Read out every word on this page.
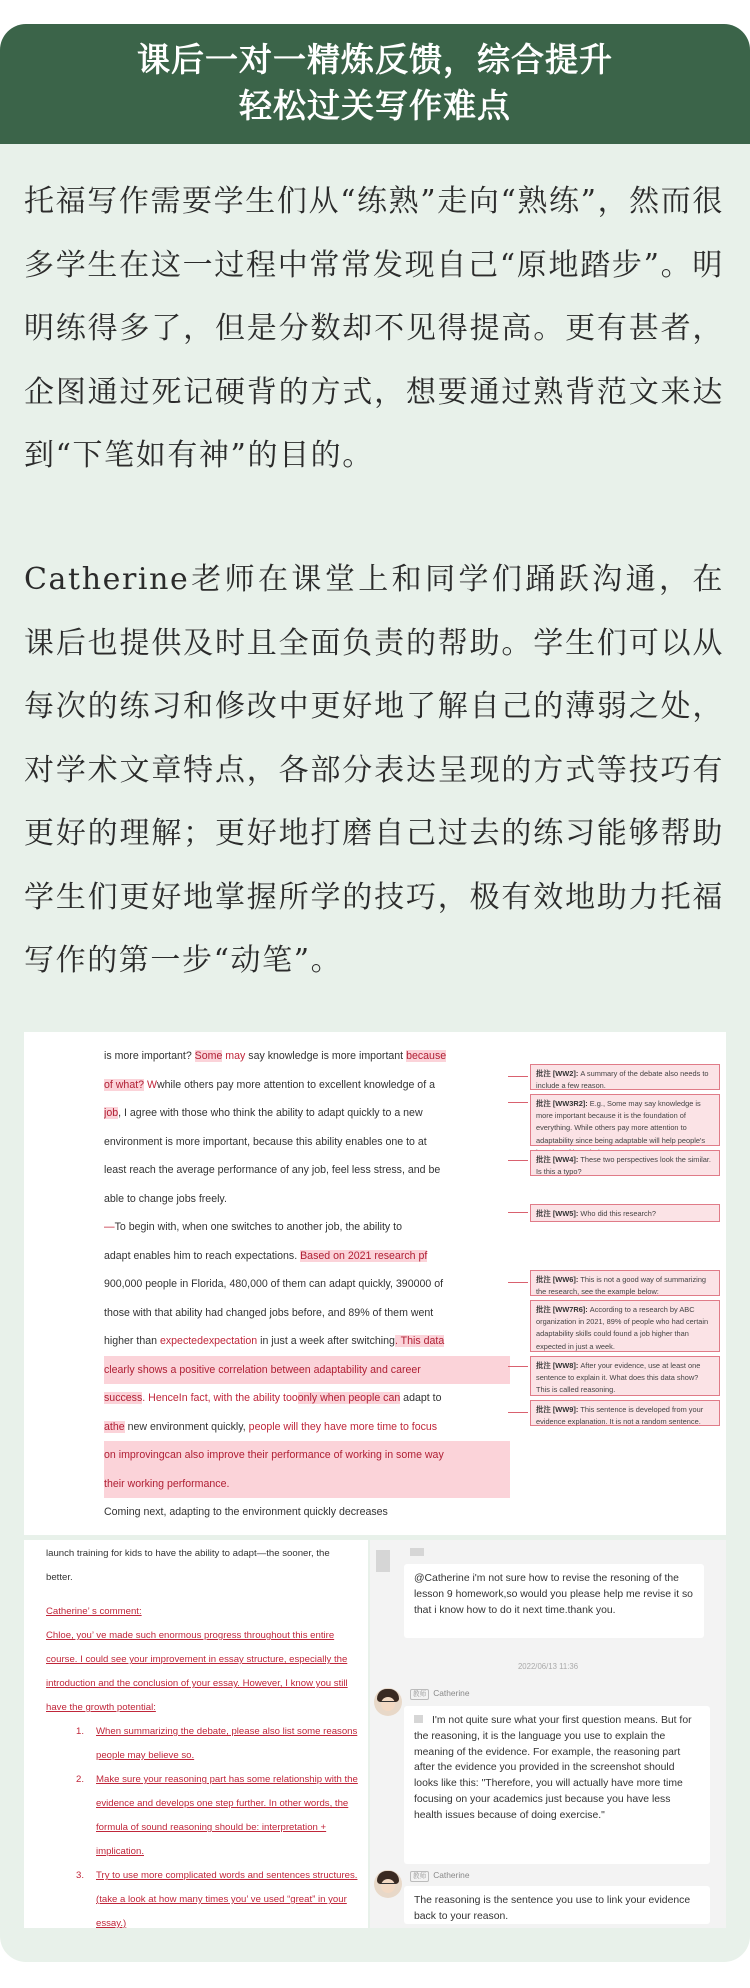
课后一对一精炼反馈，综合提升
轻松过关写作难点

托福写作需要学生们从“练熟”走向“熟练”，然而很多学生在这一过程中常常发现自己“原地踏步”。明明练得多了，但是分数却不见得提高。更有甚者，企图通过死记硬背的方式，想要通过熟背范文来达到“下笔如有神”的目的。

Catherine老师在课堂上和同学们踊跃沟通，在课后也提供及时且全面负责的帮助。学生们可以从每次的练习和修改中更好地了解自己的薄弱之处，对学术文章特点，各部分表达呈现的方式等技巧有更好的理解；更好地打磨自己过去的练习能够帮助学生们更好地掌握所学的技巧，极有效地助力托福写作的第一步“动笔”。

is more important? Some may say knowledge is more important because
of what? Wwhile others pay more attention to excellent knowledge of a
job, I agree with those who think the ability to adapt quickly to a new
environment is more important, because this ability enables one to at
least reach the average performance of any job, feel less stress, and be
able to change jobs freely.
—To begin with, when one switches to another job, the ability to
adapt enables him to reach expectations. Based on 2021 research pf
900,000 people in Florida, 480,000 of them can adapt quickly, 390000 of
those with that ability had changed jobs before, and 89% of them went
higher than expectedexpectation in just a week after switching. This data
clearly shows a positive correlation between adaptability and career
success. HenceIn fact, with the ability tooonly when people can adapt to
athe new environment quickly, people will they have more time to focus
on improvingcan also improve their performance of working in some way
their working performance.
Coming next, adapting to the environment quickly decreases
批注 [WW2]: A summary of the debate also needs to include a few reason.
批注 [WW3R2]: E.g., Some may say knowledge is more important because it is the foundation of everything. While others pay more attention to adaptability since being adaptable will help people's
批注 [WW4]: These two perspectives look the similar. Is this a typo?
批注 [WW5]: Who did this research?
批注 [WW6]: This is not a good way of summarizing the research, see the example below:
批注 [WW7R6]: According to a research by ABC organization in 2021, 89% of people who had certain adaptability skills could found a job higher than expected in just a week.
批注 [WW8]: After your evidence, use at least one sentence to explain it. What does this data show? This is called reasoning.
批注 [WW9]: This sentence is developed from your evidence explanation. It is not a random sentence.
launch training for kids to have the ability to adapt—the sooner, the better.
Catherine’ s comment:
Chloe, you’ ve made such enormous progress throughout this entire course. I could see your improvement in essay structure, especially the introduction and the conclusion of your essay. However, I know you still have the growth potential:
1. When summarizing the debate, please also list some reasons people may believe so.
2. Make sure your reasoning part has some relationship with the evidence and develops one step further. In other words, the formula of sound reasoning should be: interpretation + implication.
3. Try to use more complicated words and sentences structures. (take a look at how many times you’ ve used “great” in your essay.)
@Catherine i'm not sure how to revise the resoning of the lesson 9 homework,so would you please help me revise it so that i know how to do it next time.thank you.
2022/06/13 11:36
教师 Catherine
I'm not quite sure what your first question means. But for the reasoning, it is the language you use to explain the meaning of the evidence. For example, the reasoning part after the evidence you provided in the screenshot should looks like this: "Therefore, you will actually have more time focusing on your academics just because you have less health issues because of doing exercise."
教师 Catherine
The reasoning is the sentence you use to link your evidence back to your reason.
